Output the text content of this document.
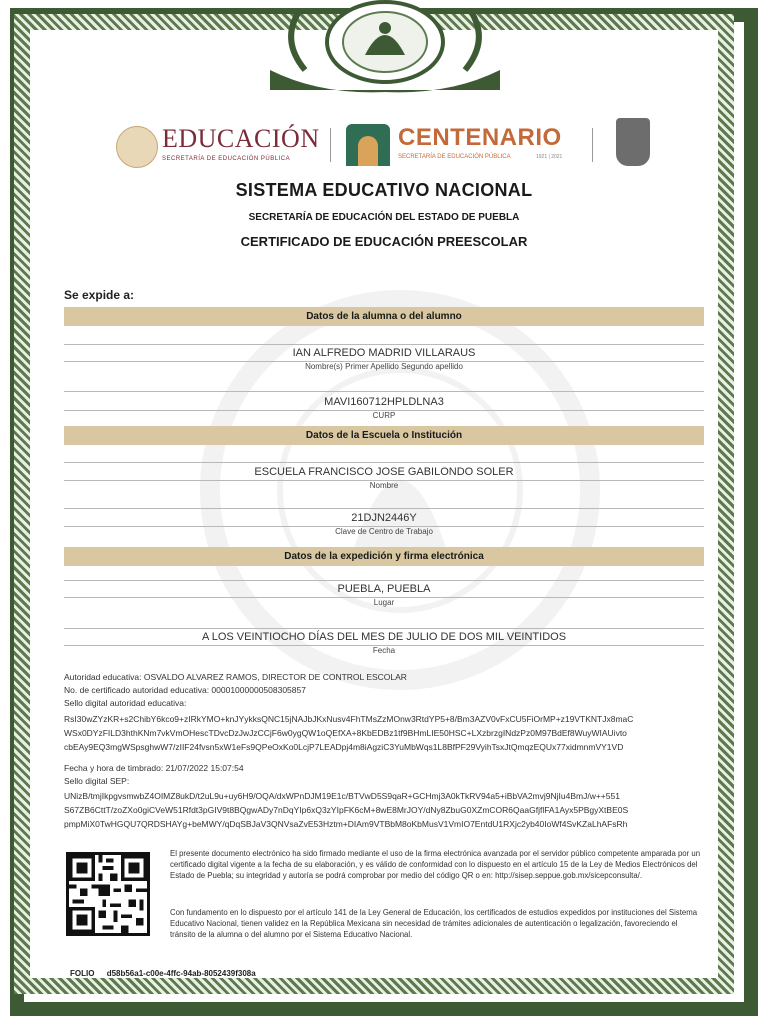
EDUCACIÓN
SECRETARÍA DE EDUCACIÓN PÚBLICA
CENTENARIO
SECRETARÍA DE EDUCACIÓN PÚBLICA	1921 | 2021
SISTEMA EDUCATIVO NACIONAL
SECRETARÍA DE EDUCACIÓN DEL ESTADO DE PUEBLA
CERTIFICADO DE EDUCACIÓN PREESCOLAR
Se expide a:
Datos de la alumna o del alumno
IAN ALFREDO MADRID VILLARAUS
Nombre(s) Primer Apellido Segundo apellido
MAVI160712HPLDLNA3
CURP
Datos de la Escuela o Institución
ESCUELA FRANCISCO JOSE GABILONDO SOLER
Nombre
21DJN2446Y
Clave de Centro de Trabajo
Datos de la expedición y firma electrónica
PUEBLA, PUEBLA
Lugar
A LOS VEINTIOCHO DÍAS DEL MES DE JULIO DE DOS MIL VEINTIDOS
Fecha
Autoridad educativa: OSVALDO ALVAREZ RAMOS, DIRECTOR DE CONTROL ESCOLAR
No. de certificado autoridad educativa: 00001000000508305857
Sello digital autoridad educativa:
RsI30wZYzKR+s2ChibY6kco9+zIRkYMO+knJYykksQNC15jNAJbJKxNusv4FhTMsZzMOnw3RtdYP5+8/Bm3AZV0vFxCU5FiOrMP+z19VTKNTJx8maC
WSx0DYzFILD3hthKNm7vkVmOHescTDvcDzJwJzCCjF6w0ygQW1oQEfXA+8KbEDBz1tf9BHmLIE50HSC+LXzbrzgINdzPz0M97BdEf8WuyWIAUivto
cbEAy9EQ3mgWSpsghwW7/zIIF24fvsn5xW1eFs9QPeOxKo0LcjP7LEADpj4m8iAgziC3YuMbWqs1L8BfPF29VyihTsxJtQmqzEQUx77xidmnmVY1VD
Fecha y hora de timbrado: 21/07/2022 15:07:54
Sello digital SEP:
UNizB/tmjIkpgvsmwbZ4OIMZ8ukD/t2uL9u+uy6H9/OQA/dxWPnDJM19E1c/BTVwD5S9qaR+GCHmj3A0kTkRV94a5+iBbVA2mvj9NjIu4BmJ/w++551
S67ZB6CttT/zoZXo0giCVeW51Rfdt3pGIV9t8BQgwADy7nDqYIp6xQ3zYIpFK6cM+8wE8MrJOY/dNy8ZbuG0XZmCOR6QaaGfjflFA1Ayx5PBgyXtBE0S
pmpMiX0TwHGQU7QRDSHAYg+beMWY/qDqSBJaV3QNVsaZvE53Hztm+DIAm9VTBbM8oKbMusV1VmIO7EntdU1RXjc2yb40IoWf4SvKZaLhAFsRh
El presente documento electrónico ha sido firmado mediante el uso de la firma electrónica avanzada por el servidor público competente amparada por un certificado digital vigente a la fecha de su elaboración, y es válido de conformidad con lo dispuesto en el artículo 15 de la Ley de Medios Electrónicos del Estado de Puebla; su integridad y autoría se podrá comprobar por medio del código QR o en: http://sisep.seppue.gob.mx/sicepconsulta/.
Con fundamento en lo dispuesto por el artículo 141 de la Ley General de Educación, los certificados de estudios expedidos por instituciones del Sistema Educativo Nacional, tienen validez en la República Mexicana sin necesidad de trámites adicionales de autenticación o legalización, favoreciendo el tránsito de la alumna o del alumno por el Sistema Educativo Nacional.
FOLIO d58b56a1-c00e-4ffc-94ab-8052439f308a
